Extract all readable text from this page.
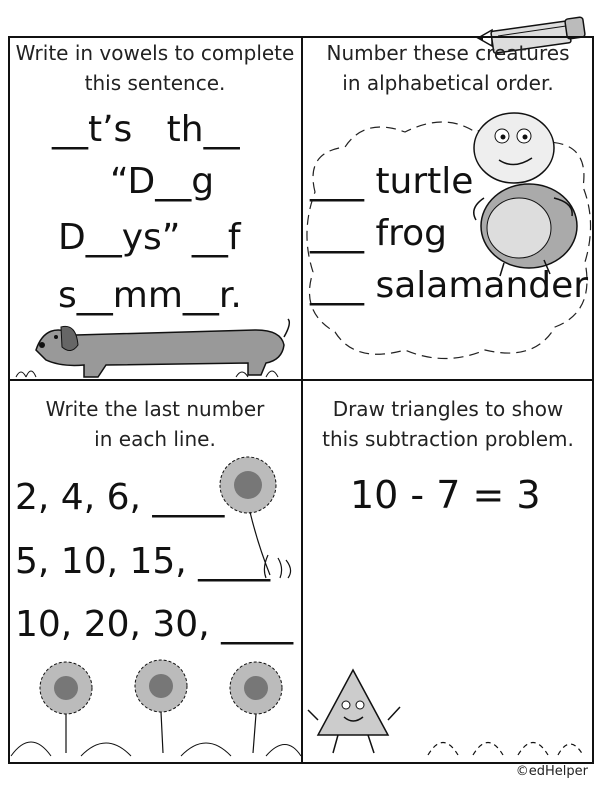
Write in vowels to complete
this sentence.
__t’s   th__
“D__g
D__ys” __f
s__mm__r.
Number these creatures
in alphabetical order.
___ turtle
___ frog
___ salamander
Write the last number
in each line.
2, 4, 6, ____
5, 10, 15, ____
10, 20, 30, ____
Draw triangles to show
this subtraction problem.
10 - 7 = 3
©edHelper
